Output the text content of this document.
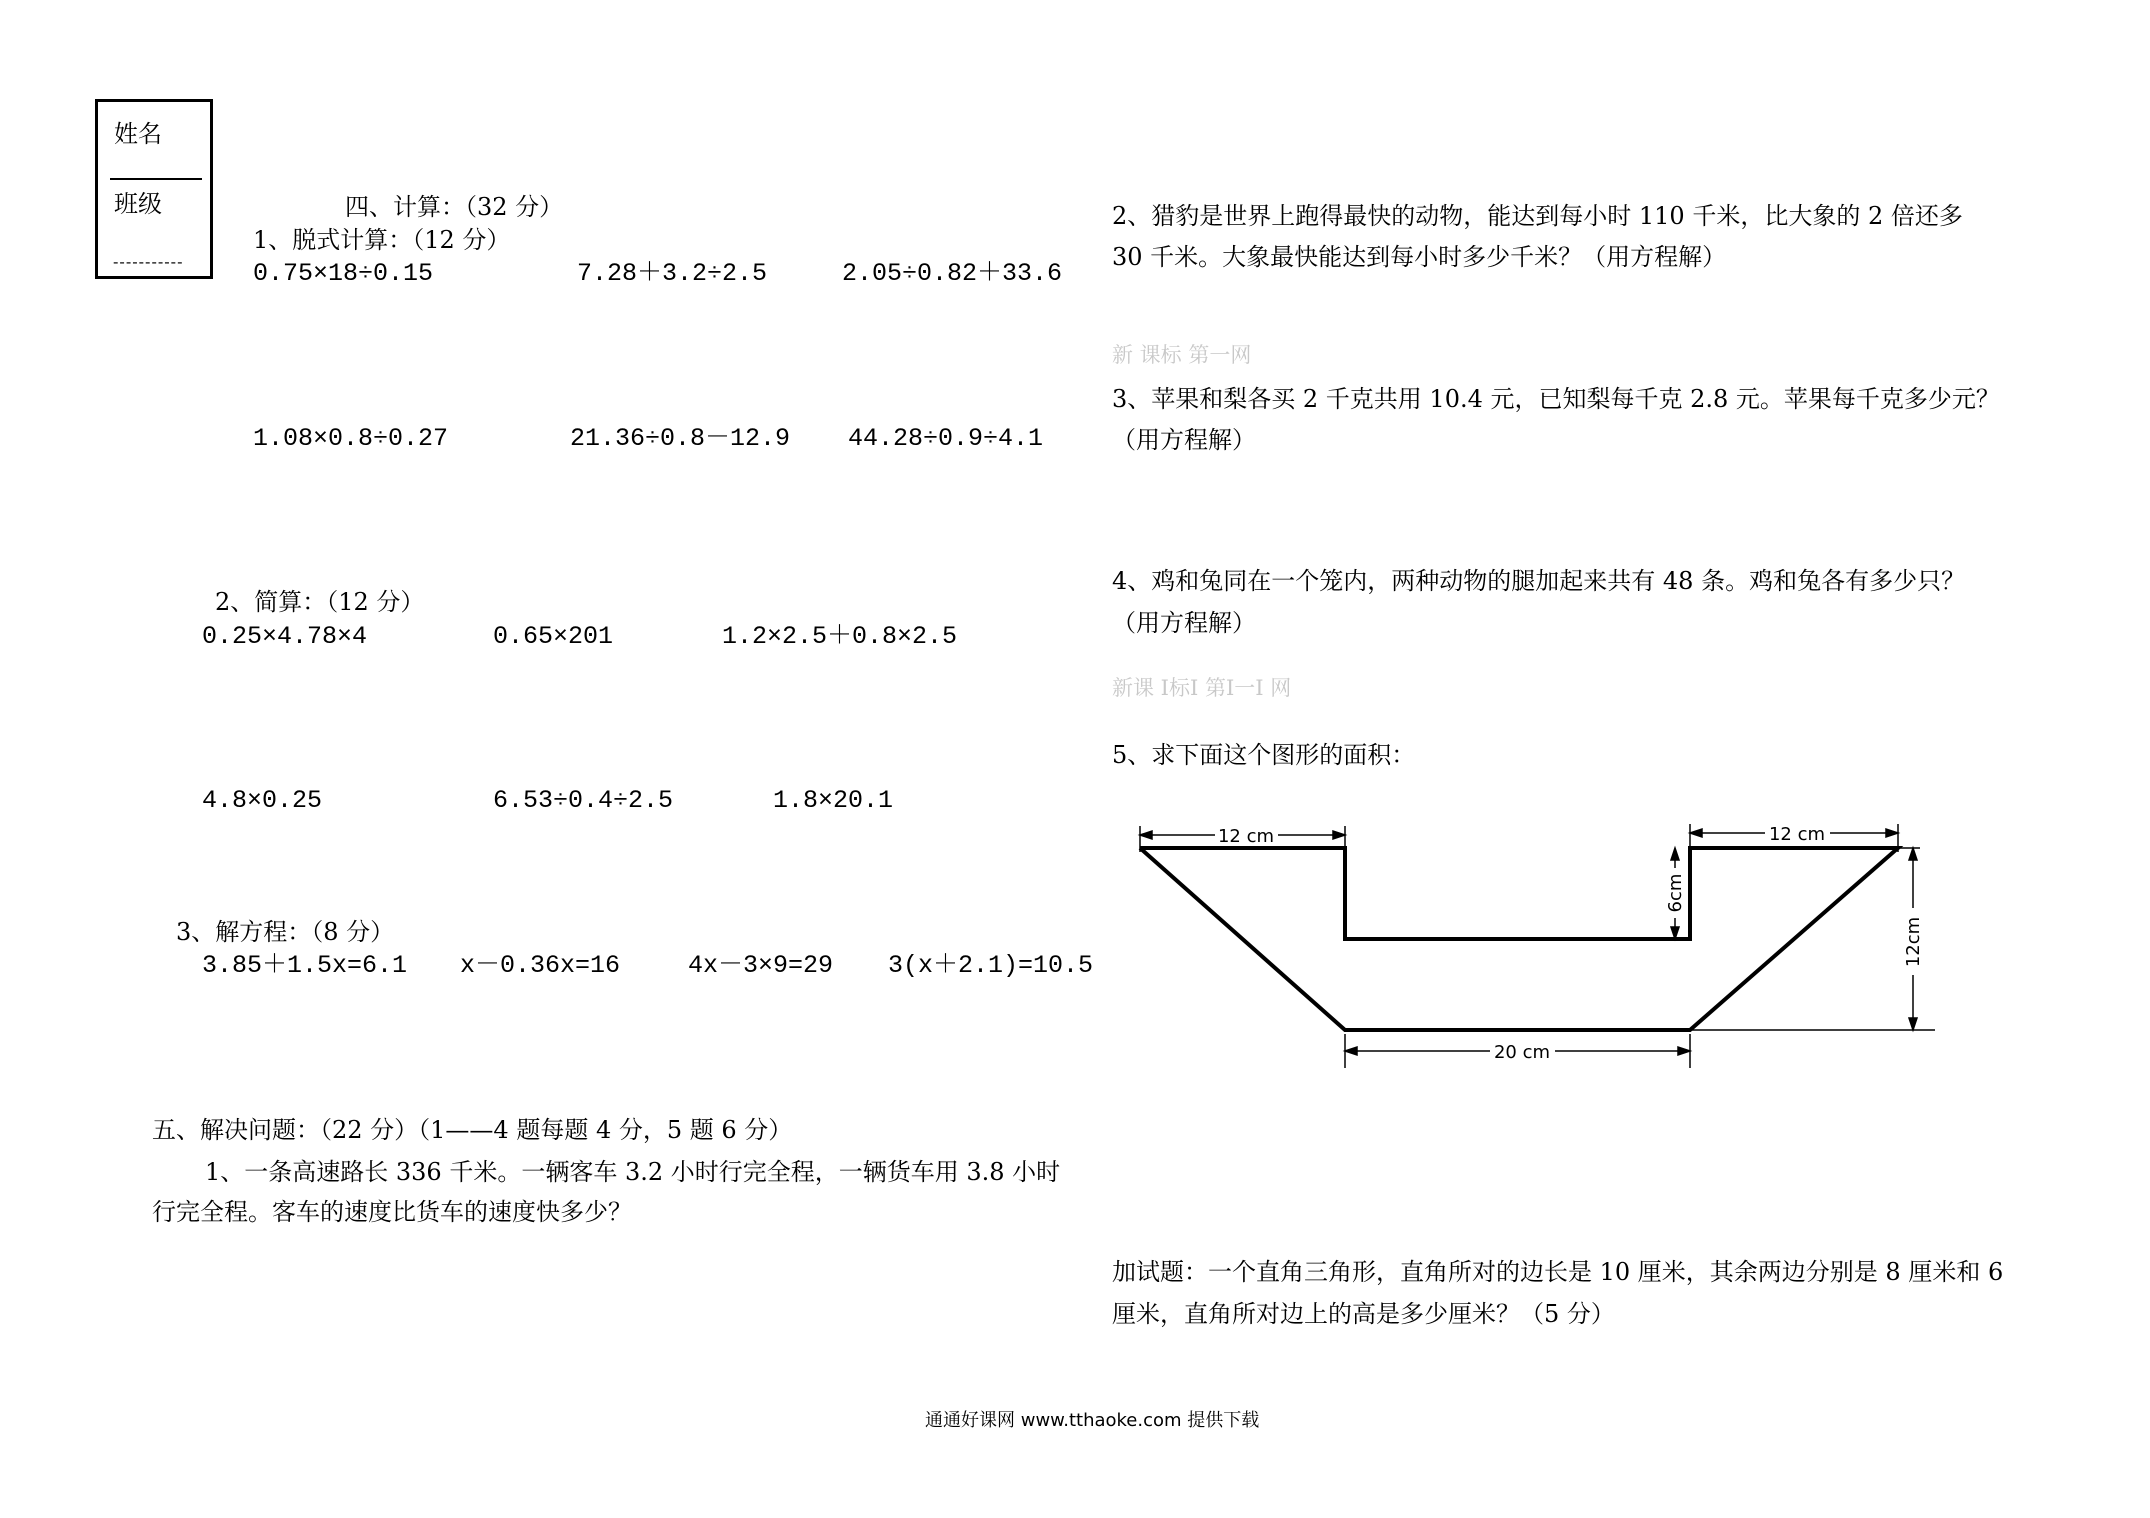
姓名
班级
-----------
四、计算：（32 分）
1、脱式计算：（12 分）
0.75×18÷0.15	7.28＋3.2÷2.5	2.05÷0.82＋33.6
1.08×0.8÷0.27	21.36÷0.8－12.9 44.28÷0.9÷4.1
2、简算：（12 分）
0.25×4.78×4	0.65×201	1.2×2.5＋0.8×2.5
4.8×0.25	6.53÷0.4÷2.5	1.8×20.1
3、解方程：（8 分）
3.85＋1.5x=6.1 x－0.36x=16	4x－3×9=29 3(x＋2.1)=10.5
五、解决问题：（22 分）（1——4 题每题 4 分，5 题 6 分）
1、一条高速路长 336 千米。一辆客车 3.2 小时行完全程，一辆货车用 3.8 小时
行完全程。客车的速度比货车的速度快多少？
2、猎豹是世界上跑得最快的动物，能达到每小时 110 千米，比大象的 2 倍还多
30 千米。大象最快能达到每小时多少千米？（用方程解）
新 课标 第一网
3、苹果和梨各买 2 千克共用 10.4 元，已知梨每千克 2.8 元。苹果每千克多少元？
（用方程解）
4、鸡和兔同在一个笼内，两种动物的腿加起来共有 48 条。鸡和兔各有多少只？
（用方程解）
新课 I标I 第I一I 网
5、求下面这个图形的面积：
12 cm	12 cm
6cm
12cm
20 cm
加试题：一个直角三角形，直角所对的边长是 10 厘米，其余两边分别是 8 厘米和 6
厘米，直角所对边上的高是多少厘米？（5 分）
通通好课网 www.tthaoke.com 提供下载
